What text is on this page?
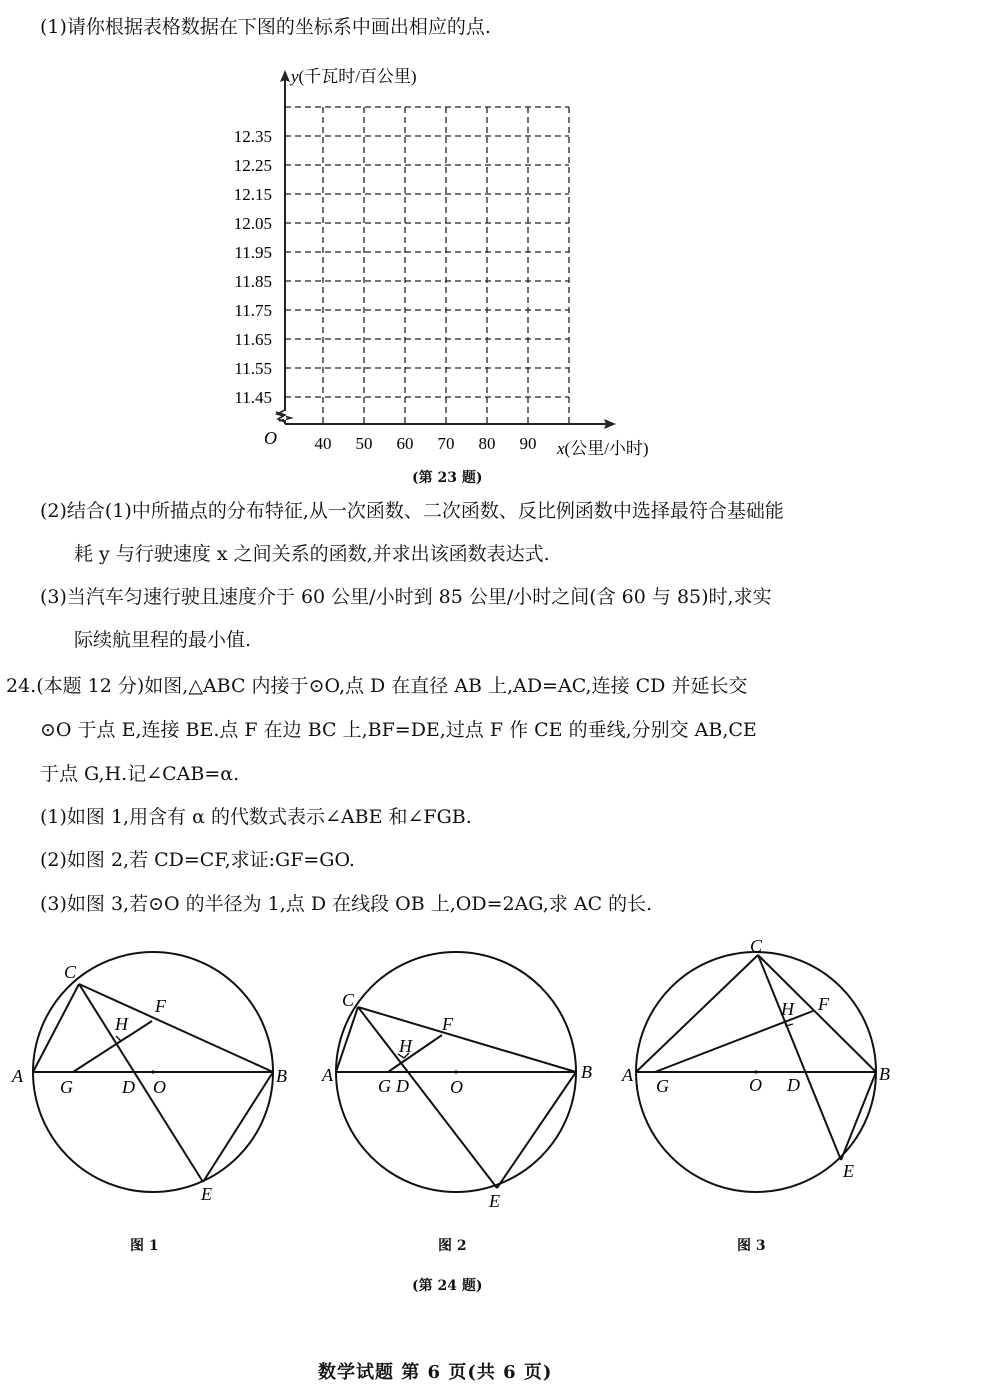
(1)请你根据表格数据在下图的坐标系中画出相应的点.
40 50 60 70 80 90
11.45
11.55
11.65
11.75
11.85
11.95
12.05
12.15
12.25
12.35
O
x(公里/小时)
y(千瓦时/百公里)
(第 23 题)
(2)结合(1)中所描点的分布特征,从一次函数、二次函数、反比例函数中选择最符合基础能
耗 y 与行驶速度 x 之间关系的函数,并求出该函数表达式.
(3)当汽车匀速行驶且速度介于 60 公里/小时到 85 公里/小时之间(含 60 与 85)时,求实
际续航里程的最小值.
24.(本题 12 分)如图,△ABC 内接于⊙O,点 D 在直径 AB 上,AD=AC,连接 CD 并延长交
⊙O 于点 E,连接 BE.点 F 在边 BC 上,BF=DE,过点 F 作 CE 的垂线,分别交 AB,CE
于点 G,H.记∠CAB=α.
(1)如图 1,用含有 α 的代数式表示∠ABE 和∠FGB.
(2)如图 2,若 CD=CF,求证:GF=GO.
(3)如图 3,若⊙O 的半径为 1,点 D 在线段 OB 上,OD=2AG,求 AC 的长.
A	B
C
F
H
G	D O
E
A	B
C
F
H
G D O
E
A	B
C
F
H
G	D
O
E
图 1	图 2	图 3
(第 24 题)
数学试题 第 6 页(共 6 页)
